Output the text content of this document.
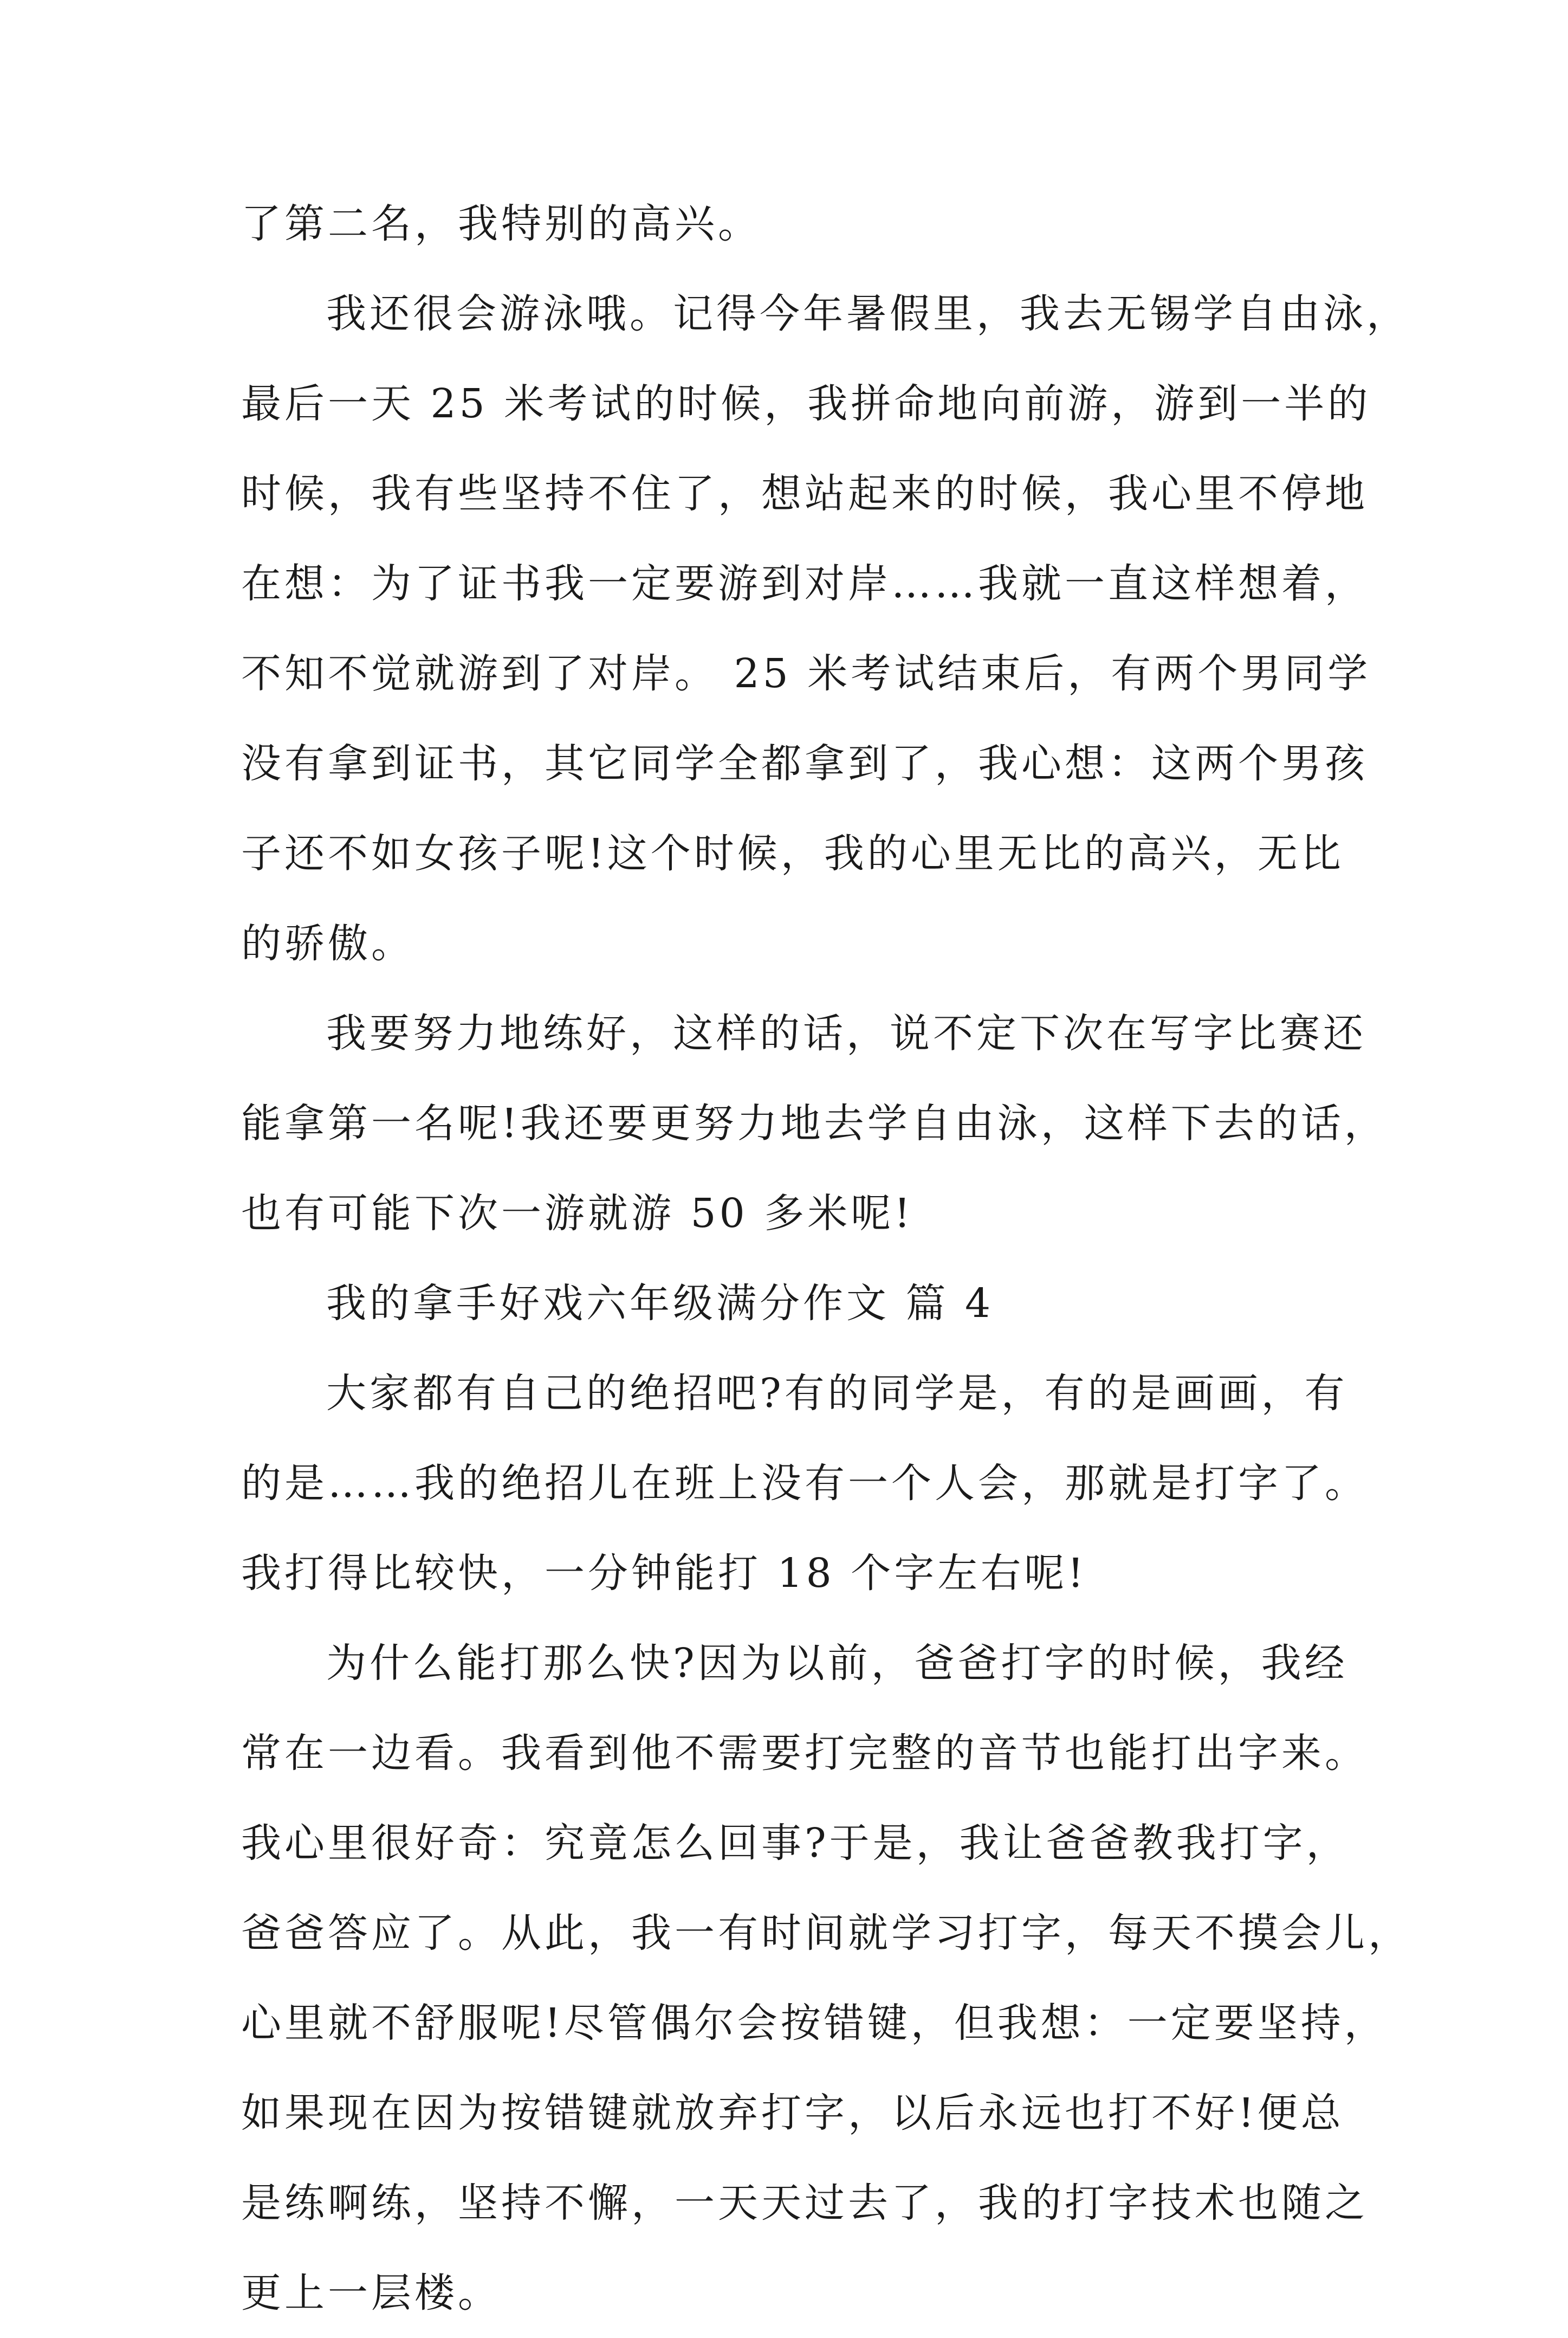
了第二名，我特别的高兴。
我还很会游泳哦。记得今年暑假里，我去无锡学自由泳，
最后一天 25 米考试的时候，我拼命地向前游，游到一半的
时候，我有些坚持不住了，想站起来的时候，我心里不停地
在想：为了证书我一定要游到对岸……我就一直这样想着，
不知不觉就游到了对岸。 25 米考试结束后，有两个男同学
没有拿到证书，其它同学全都拿到了，我心想：这两个男孩
子还不如女孩子呢!这个时候，我的心里无比的高兴，无比
的骄傲。
我要努力地练好，这样的话，说不定下次在写字比赛还
能拿第一名呢!我还要更努力地去学自由泳，这样下去的话，
也有可能下次一游就游 50 多米呢!
我的拿手好戏六年级满分作文 篇 4
大家都有自己的绝招吧?有的同学是，有的是画画，有
的是……我的绝招儿在班上没有一个人会，那就是打字了。
我打得比较快，一分钟能打 18 个字左右呢!
为什么能打那么快?因为以前，爸爸打字的时候，我经
常在一边看。我看到他不需要打完整的音节也能打出字来。
我心里很好奇：究竟怎么回事?于是，我让爸爸教我打字，
爸爸答应了。从此，我一有时间就学习打字，每天不摸会儿，
心里就不舒服呢!尽管偶尔会按错键，但我想：一定要坚持，
如果现在因为按错键就放弃打字，以后永远也打不好!便总
是练啊练，坚持不懈，一天天过去了，我的打字技术也随之
更上一层楼。
